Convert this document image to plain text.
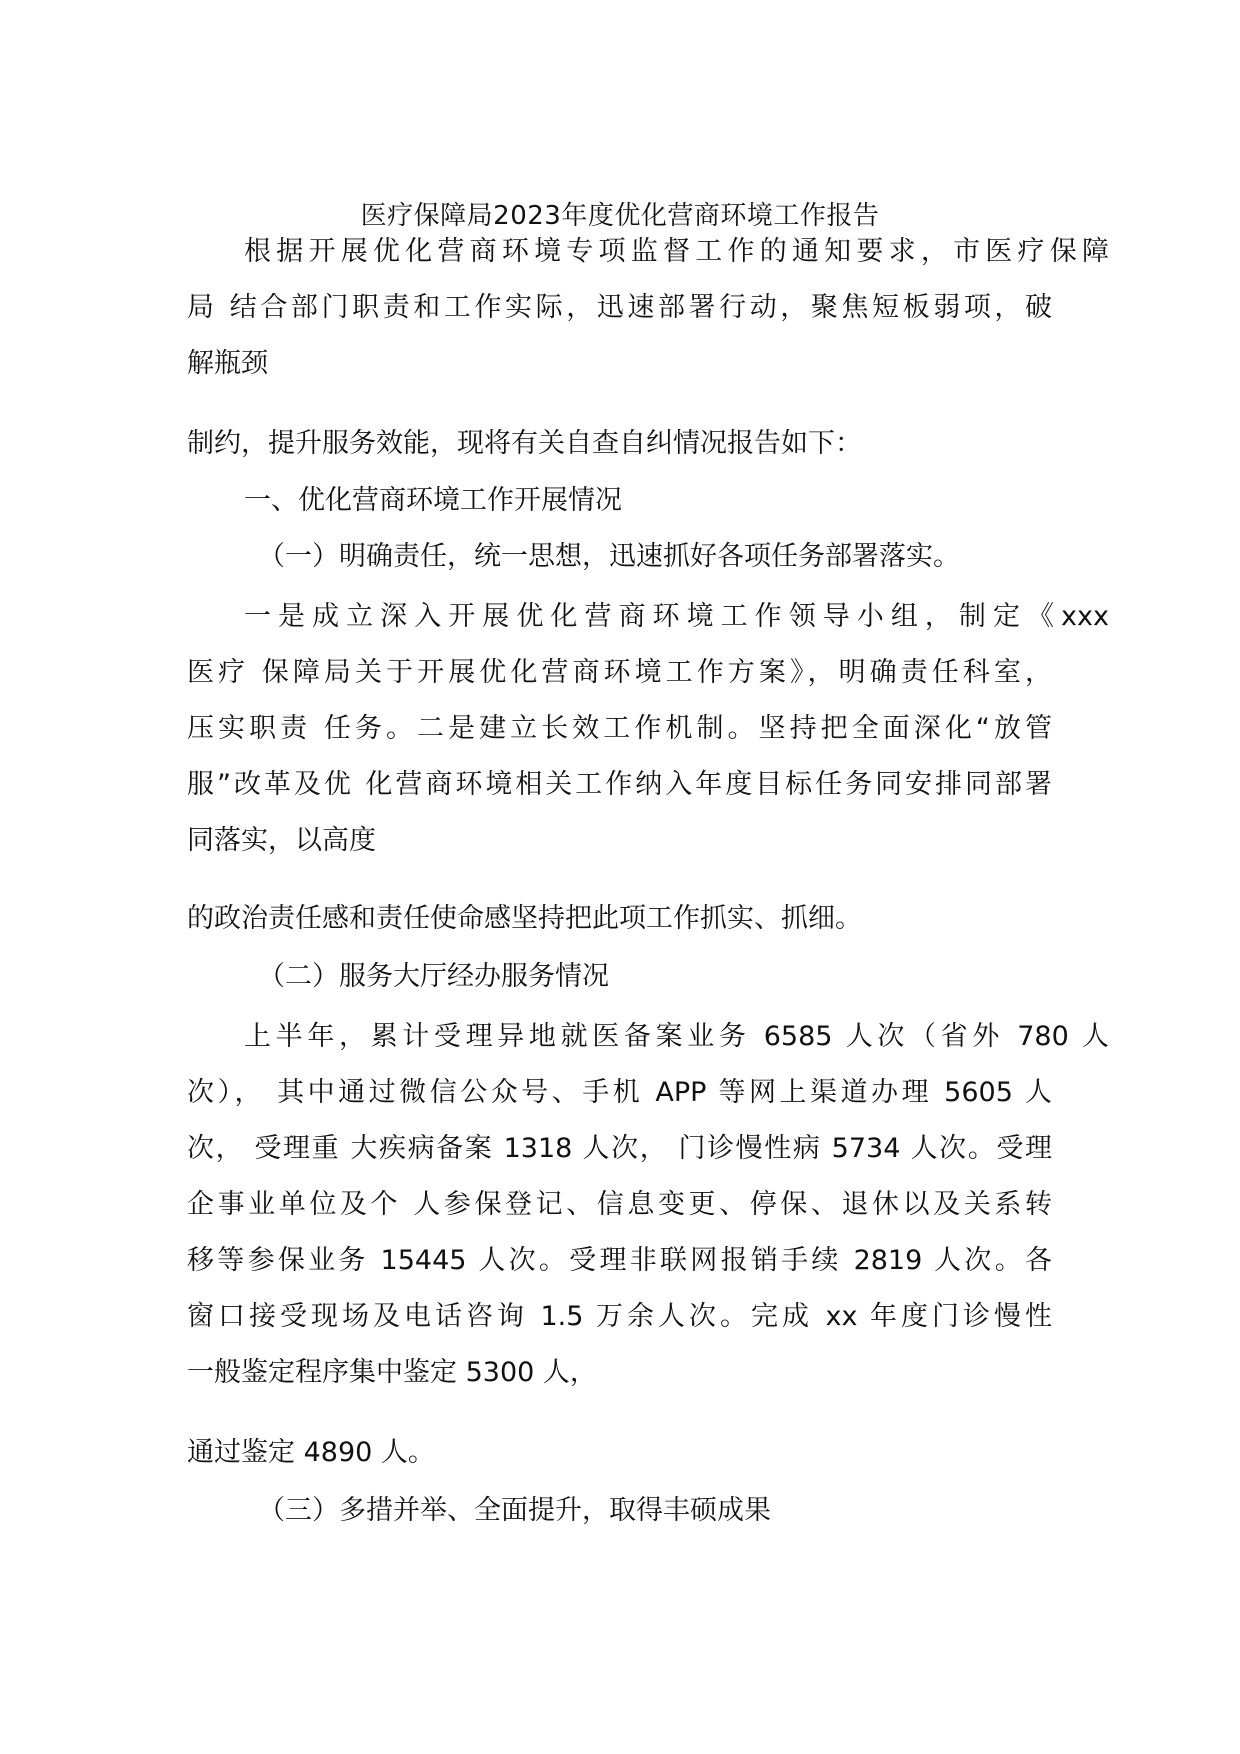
医疗保障局2023年度优化营商环境工作报告
根据开展优化营商环境专项监督工作的通知要求，市医疗保障
局 结合部门职责和工作实际，迅速部署行动，聚焦短板弱项，破
解瓶颈
制约，提升服务效能，现将有关自查自纠情况报告如下：
一、优化营商环境工作开展情况
（一）明确责任，统一思想，迅速抓好各项任务部署落实。
一是成立深入开展优化营商环境工作领导小组，制定《xxx
医疗 保障局关于开展优化营商环境工作方案》，明确责任科室，
压实职责 任务。二是建立长效工作机制。坚持把全面深化“放管
服”改革及优 化营商环境相关工作纳入年度目标任务同安排同部署
同落实，以高度
的政治责任感和责任使命感坚持把此项工作抓实、抓细。
（二）服务大厅经办服务情况
上半年，累计受理异地就医备案业务 6585 人次（省外 780 人
次）， 其中通过微信公众号、手机 APP 等网上渠道办理 5605 人
次， 受理重 大疾病备案 1318 人次， 门诊慢性病 5734 人次。受理
企事业单位及个 人参保登记、信息变更、停保、退休以及关系转
移等参保业务 15445 人次。受理非联网报销手续 2819 人次。各
窗口接受现场及电话咨询 1.5 万余人次。完成 xx 年度门诊慢性
一般鉴定程序集中鉴定 5300 人，
通过鉴定 4890 人。
（三）多措并举、全面提升，取得丰硕成果
